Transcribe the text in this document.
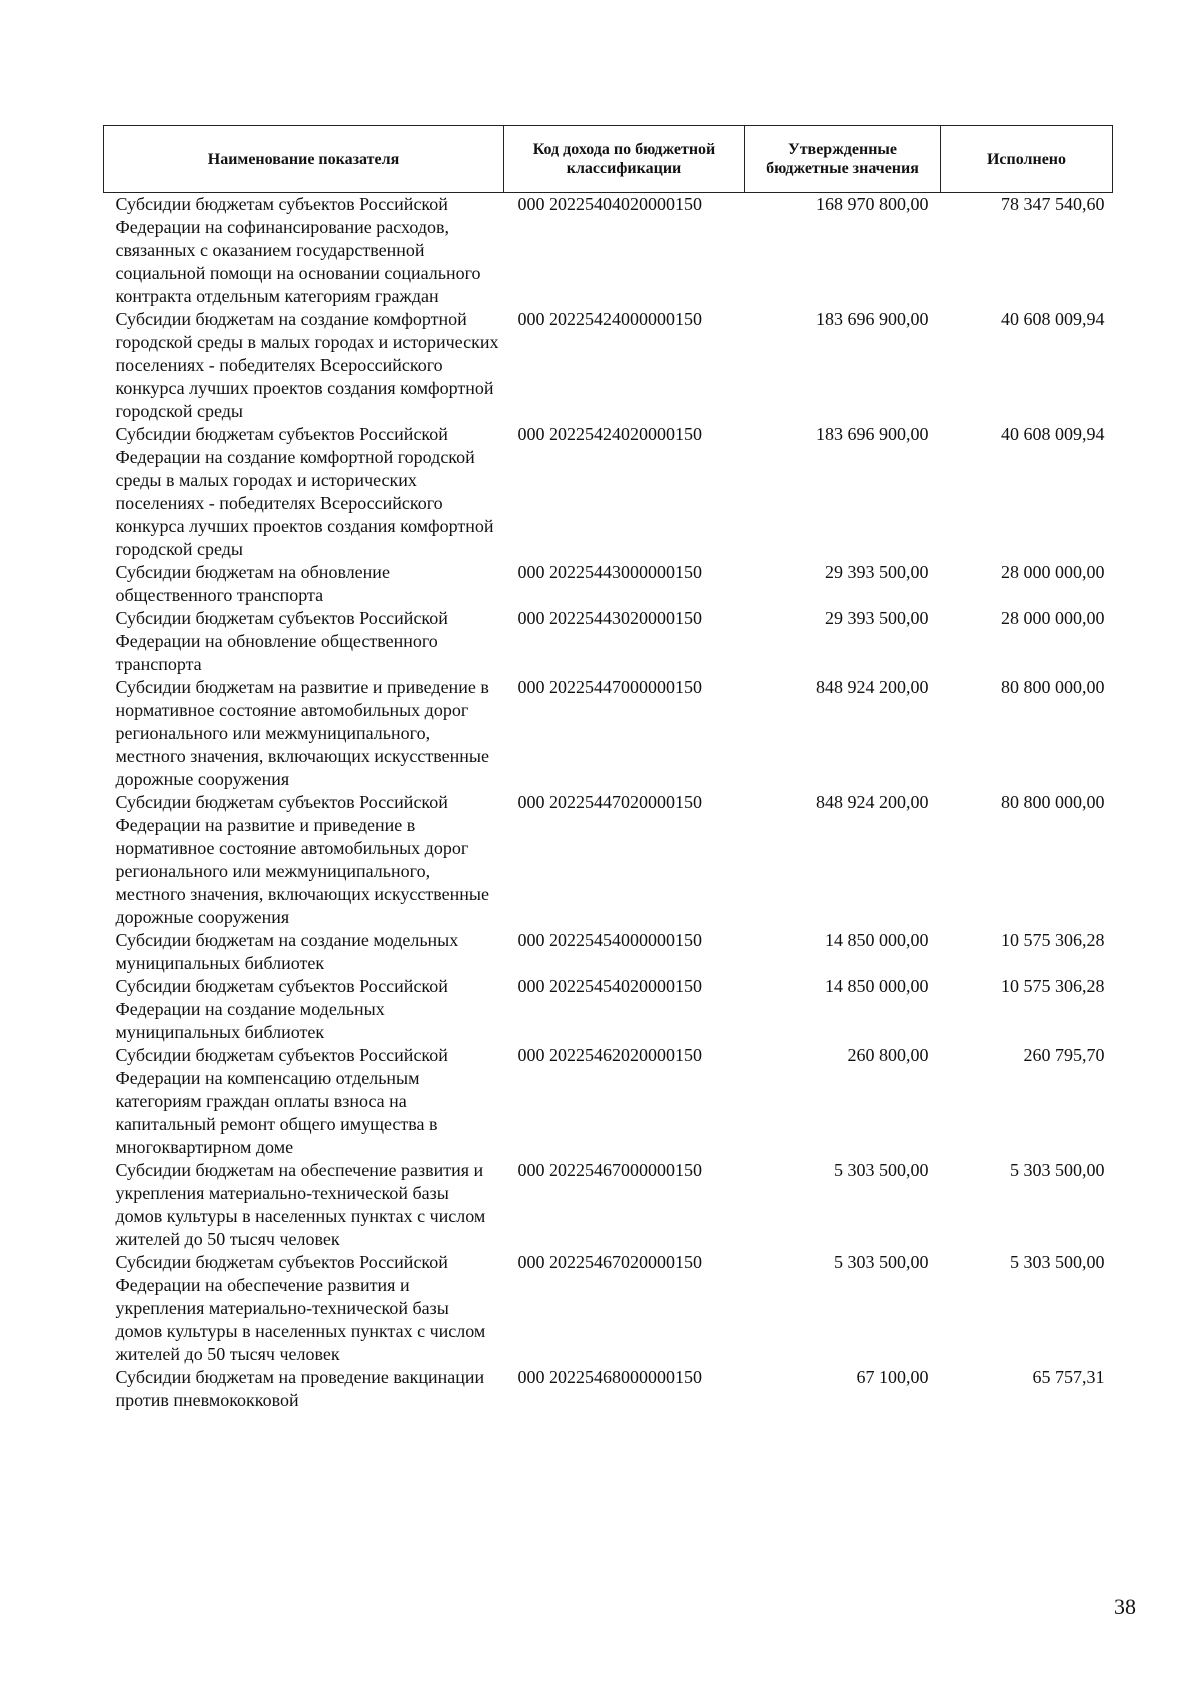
Наименование показателя	Код дохода по бюджетной классификации	Утвержденные бюджетные значения	Исполнено
Субсидии бюджетам субъектов Российской Федерации на софинансирование расходов, связанных с оказанием государственной социальной помощи на основании социального контракта отдельным категориям граждан	000 20225404020000150	168 970 800,00	78 347 540,60
Субсидии бюджетам на создание комфортной городской среды в малых городах и исторических поселениях - победителях Всероссийского конкурса лучших проектов создания комфортной городской среды	000 20225424000000150	183 696 900,00	40 608 009,94
Субсидии бюджетам субъектов Российской Федерации на создание комфортной городской среды в малых городах и исторических поселениях - победителях Всероссийского конкурса лучших проектов создания комфортной городской среды	000 20225424020000150	183 696 900,00	40 608 009,94
Субсидии бюджетам на обновление общественного транспорта	000 20225443000000150	29 393 500,00	28 000 000,00
Субсидии бюджетам субъектов Российской Федерации на обновление общественного транспорта	000 20225443020000150	29 393 500,00	28 000 000,00
Субсидии бюджетам на развитие и приведение в нормативное состояние автомобильных дорог регионального или межмуниципального, местного значения, включающих искусственные дорожные сооружения	000 20225447000000150	848 924 200,00	80 800 000,00
Субсидии бюджетам субъектов Российской Федерации на развитие и приведение в нормативное состояние автомобильных дорог регионального или межмуниципального, местного значения, включающих искусственные дорожные сооружения	000 20225447020000150	848 924 200,00	80 800 000,00
Субсидии бюджетам на создание модельных муниципальных библиотек	000 20225454000000150	14 850 000,00	10 575 306,28
Субсидии бюджетам субъектов Российской Федерации на создание модельных муниципальных библиотек	000 20225454020000150	14 850 000,00	10 575 306,28
Субсидии бюджетам субъектов Российской Федерации на компенсацию отдельным категориям граждан оплаты взноса на капитальный ремонт общего имущества в многоквартирном доме	000 20225462020000150	260 800,00	260 795,70
Субсидии бюджетам на обеспечение развития и укрепления материально-технической базы домов культуры в населенных пунктах с числом жителей до 50 тысяч человек	000 20225467000000150	5 303 500,00	5 303 500,00
Субсидии бюджетам субъектов Российской Федерации на обеспечение развития и укрепления материально-технической базы домов культуры в населенных пунктах с числом жителей до 50 тысяч человек	000 20225467020000150	5 303 500,00	5 303 500,00
Субсидии бюджетам на проведение вакцинации против пневмококковой	000 20225468000000150	67 100,00	65 757,31
38
